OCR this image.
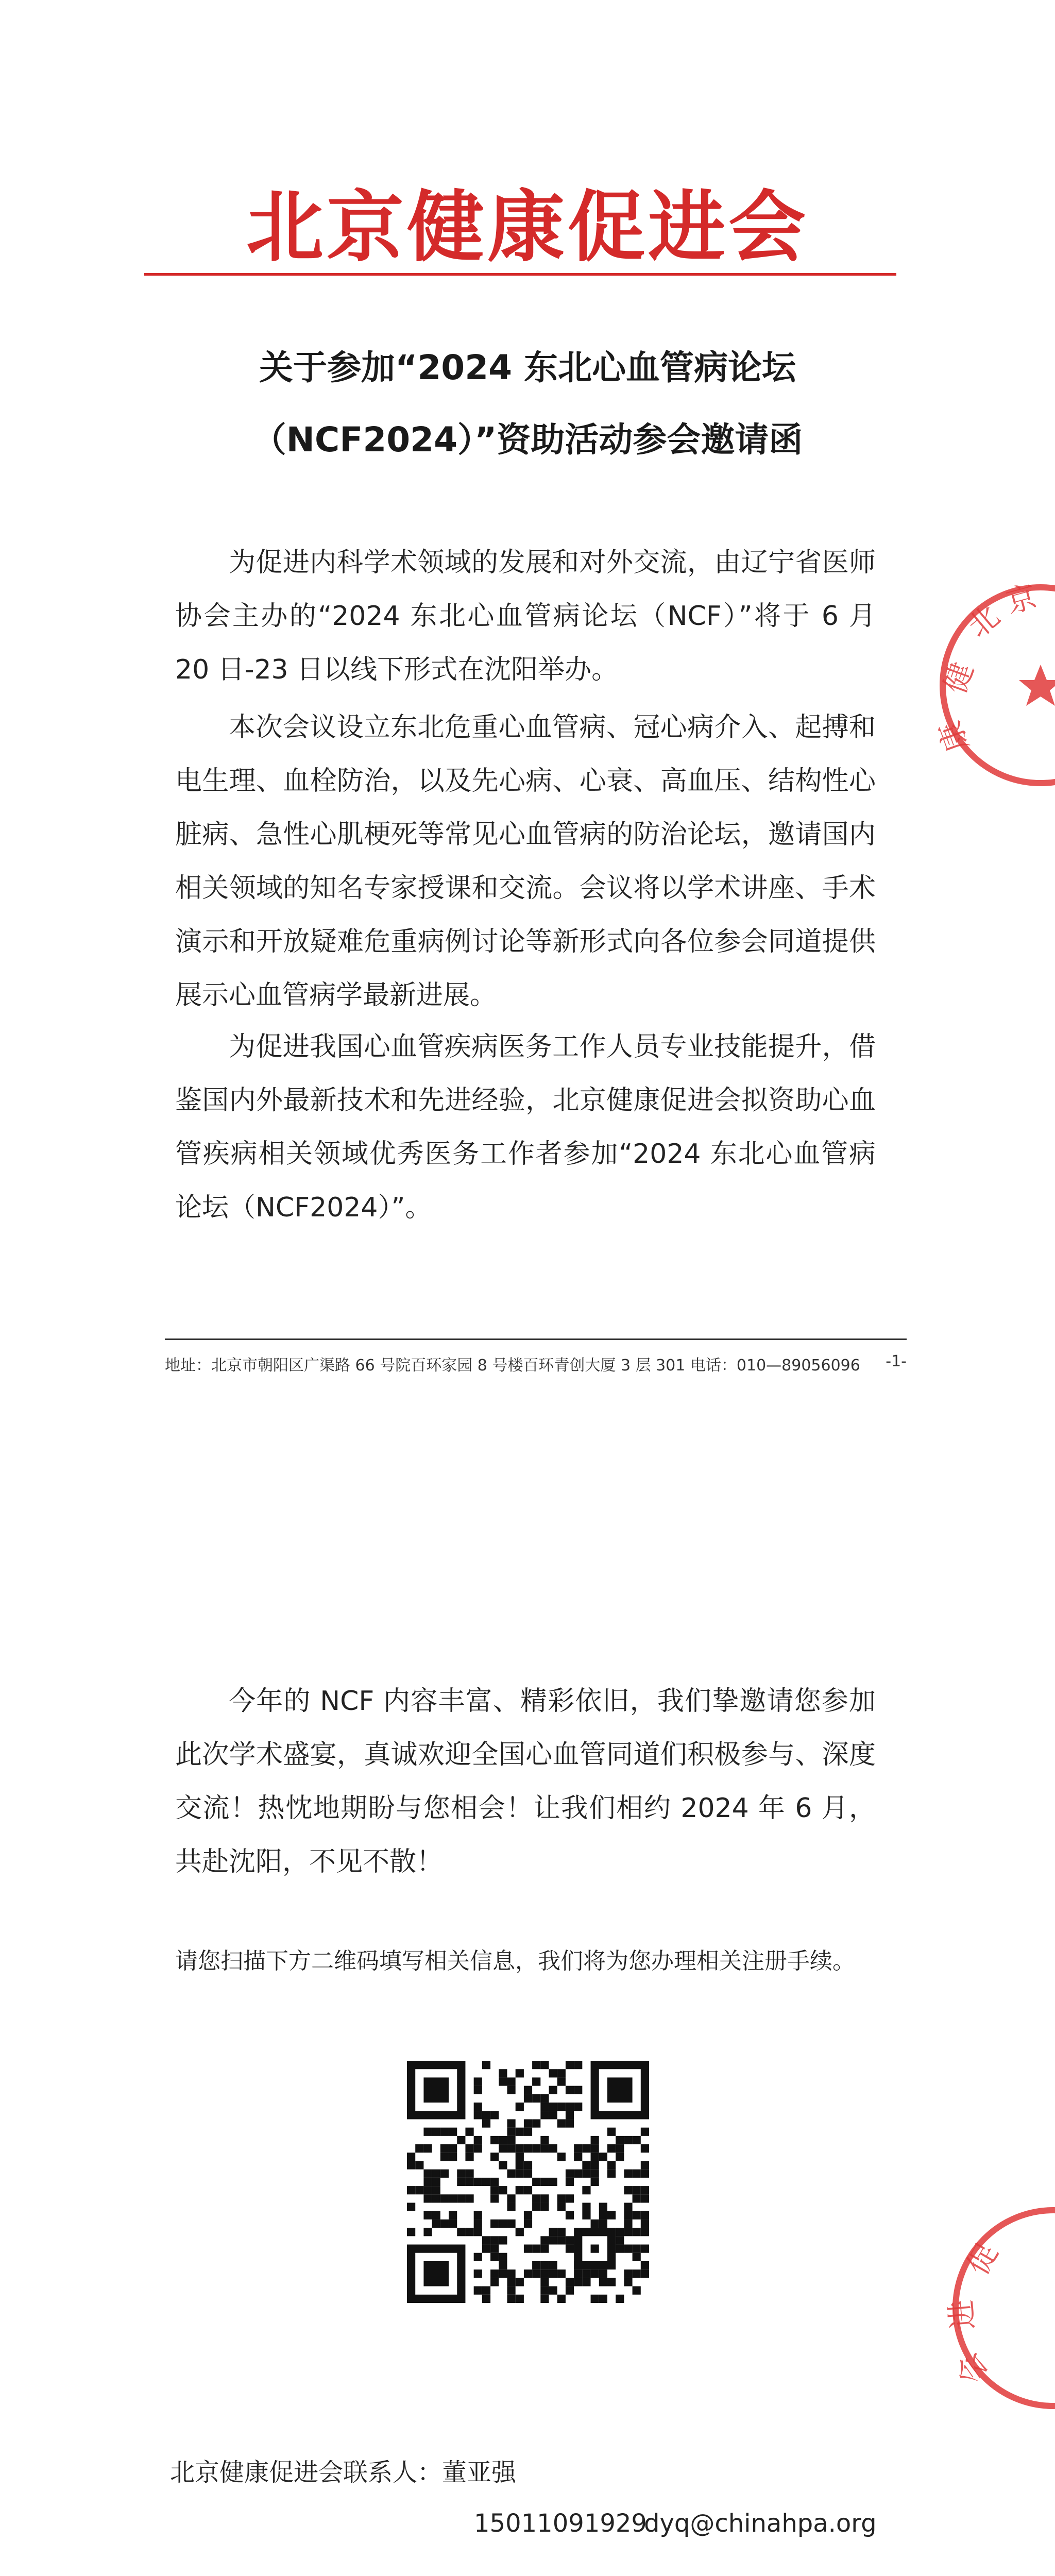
北京健康促进会
关于参加“2024 东北心血管病论坛
（NCF2024）”资助活动参会邀请函
为促进内科学术领域的发展和对外交流，由辽宁省医师协会主办的“2024 东北心血管病论坛（NCF）”将于 6 月 20 日-23 日以线下形式在沈阳举办。
本次会议设立东北危重心血管病、冠心病介入、起搏和电生理、血栓防治，以及先心病、心衰、高血压、结构性心脏病、急性心肌梗死等常见心血管病的防治论坛，邀请国内相关领域的知名专家授课和交流。会议将以学术讲座、手术演示和开放疑难危重病例讨论等新形式向各位参会同道提供展示心血管病学最新进展。
为促进我国心血管疾病医务工作人员专业技能提升，借鉴国内外最新技术和先进经验，北京健康促进会拟资助心血管疾病相关领域优秀医务工作者参加“2024 东北心血管病论坛（NCF2024）”。
地址：北京市朝阳区广渠路 66 号院百环家园 8 号楼百环青创大厦 3 层 301 电话：010—89056096 -1-
北
京
健
康
今年的 NCF 内容丰富、精彩依旧，我们挚邀请您参加此次学术盛宴，真诚欢迎全国心血管同道们积极参与、深度交流！热忱地期盼与您相会！让我们相约 2024 年 6 月，共赴沈阳，不见不散！
请您扫描下方二维码填写相关信息，我们将为您办理相关注册手续。
促
进
会
北京健康促进会联系人：董亚强
15011091929
dyq@chinahpa.org
